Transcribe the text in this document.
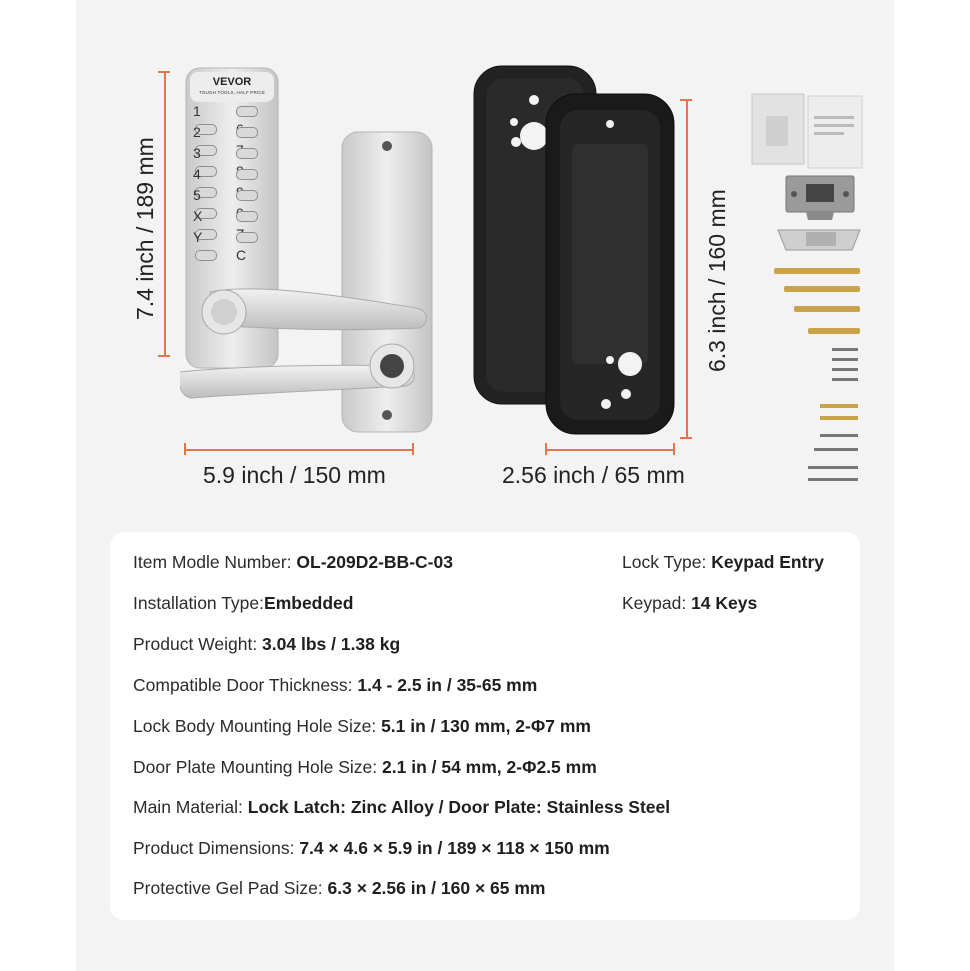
VEVOR
TOUGH TOOLS, HALF PRICE
1
2
3
4
5
X
Y
C
7.4 inch / 189 mm
5.9 inch / 150 mm
6.3 inch / 160 mm
2.56 inch / 65 mm
Item Modle Number: OL-209D2-BB-C-03	Lock Type: Keypad Entry
Installation Type:Embedded	Keypad: 14 Keys
Product Weight: 3.04 lbs / 1.38 kg
Compatible Door Thickness: 1.4 - 2.5 in / 35-65 mm
Lock Body Mounting Hole Size: 5.1 in / 130 mm, 2-Φ7 mm
Door Plate Mounting Hole Size: 2.1 in / 54 mm, 2-Φ2.5 mm
Main Material: Lock Latch: Zinc Alloy / Door Plate: Stainless Steel
Product Dimensions: 7.4 × 4.6 × 5.9 in / 189 × 118 × 150 mm
Protective Gel Pad Size: 6.3 × 2.56 in / 160 × 65 mm
